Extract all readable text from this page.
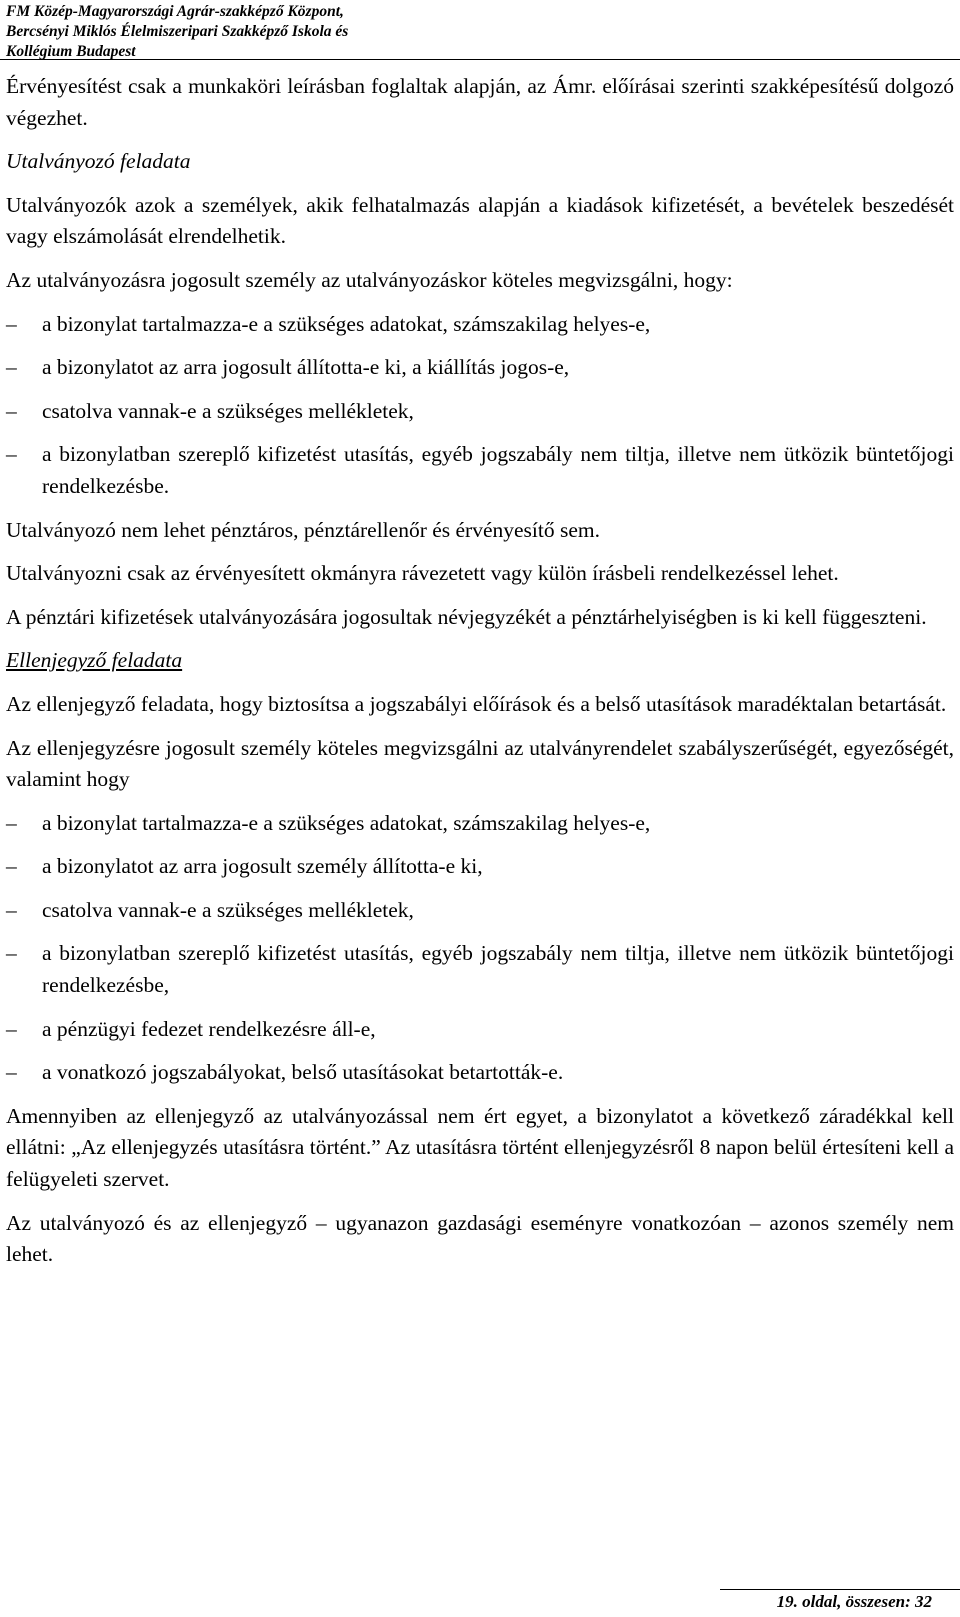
FM Közép-Magyarországi Agrár-szakképző Központ,
Bercsényi Miklós Élelmiszeripari Szakképző Iskola és
Kollégium Budapest

Érvényesítést csak a munkaköri leírásban foglaltak alapján, az Ámr. előírásai szerinti szakképesítésű dolgozó végezhet.

Utalványozó feladata

Utalványozók azok a személyek, akik felhatalmazás alapján a kiadások kifizetését, a bevételek beszedését vagy elszámolását elrendelhetik.

Az utalványozásra jogosult személy az utalványozáskor köteles megvizsgálni, hogy:

–	a bizonylat tartalmazza-e a szükséges adatokat, számszakilag helyes-e,
–	a bizonylatot az arra jogosult állította-e ki, a kiállítás jogos-e,
–	csatolva vannak-e a szükséges mellékletek,
–	a bizonylatban szereplő kifizetést utasítás, egyéb jogszabály nem tiltja, illetve nem ütközik büntetőjogi rendelkezésbe.

Utalványozó nem lehet pénztáros, pénztárellenőr és érvényesítő sem.

Utalványozni csak az érvényesített okmányra rávezetett vagy külön írásbeli rendelkezéssel lehet.

A pénztári kifizetések utalványozására jogosultak névjegyzékét a pénztárhelyiségben is ki kell függeszteni.

Ellenjegyző feladata

Az ellenjegyző feladata, hogy biztosítsa a jogszabályi előírások és a belső utasítások maradéktalan betartását.

Az ellenjegyzésre jogosult személy köteles megvizsgálni az utalványrendelet szabályszerűségét, egyezőségét, valamint hogy

–	a bizonylat tartalmazza-e a szükséges adatokat, számszakilag helyes-e,
–	a bizonylatot az arra jogosult személy állította-e ki,
–	csatolva vannak-e a szükséges mellékletek,
–	a bizonylatban szereplő kifizetést utasítás, egyéb jogszabály nem tiltja, illetve nem ütközik büntetőjogi rendelkezésbe,
–	a pénzügyi fedezet rendelkezésre áll-e,
–	a vonatkozó jogszabályokat, belső utasításokat betartották-e.

Amennyiben az ellenjegyző az utalványozással nem ért egyet, a bizonylatot a következő záradékkal kell ellátni: „Az ellenjegyzés utasításra történt.” Az utasításra történt ellenjegyzésről 8 napon belül értesíteni kell a felügyeleti szervet.

Az utalványozó és az ellenjegyző – ugyanazon gazdasági eseményre vonatkozóan – azonos személy nem lehet.

19. oldal, összesen: 32
